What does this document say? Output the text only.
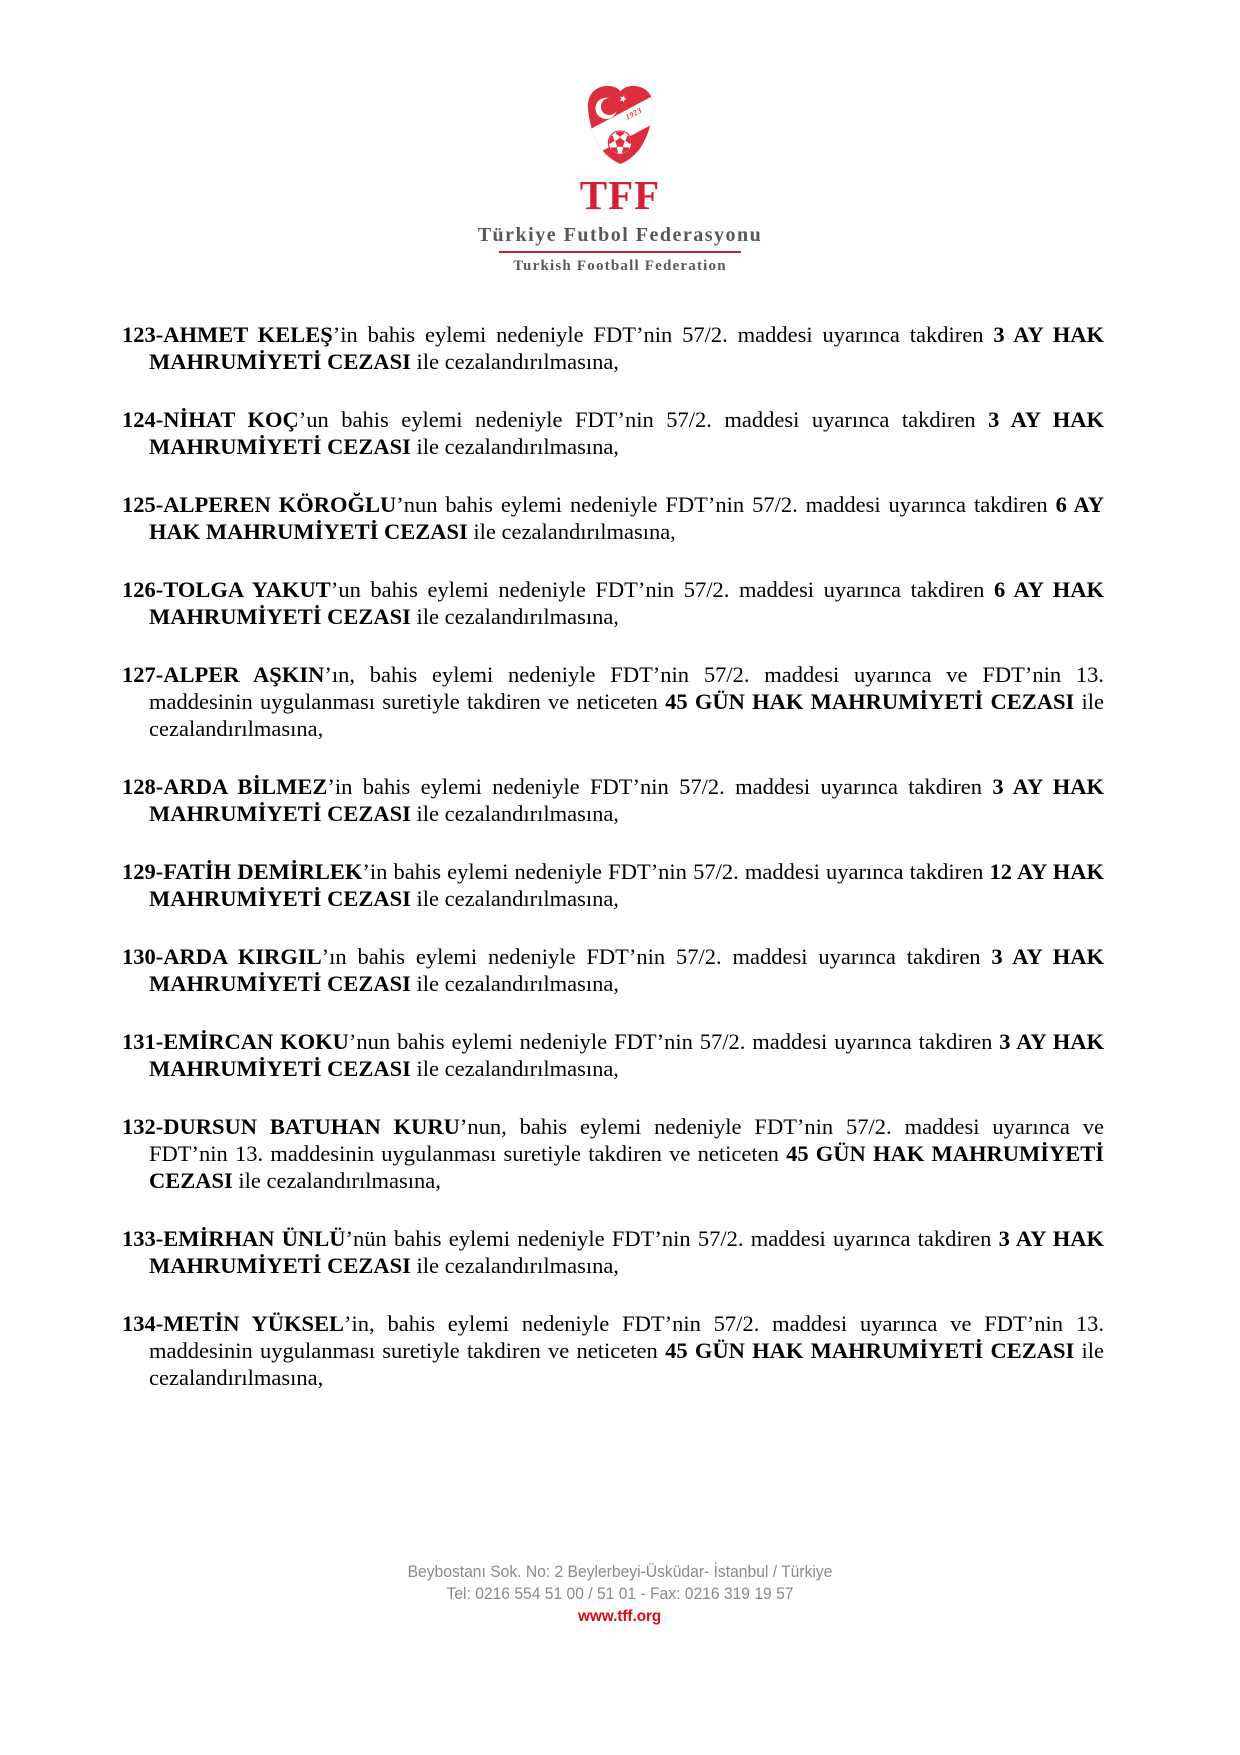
1923
TFF
Türkiye Futbol Federasyonu
Turkish Football Federation

123-AHMET KELEŞ’in bahis eylemi nedeniyle FDT’nin 57/2. maddesi uyarınca takdiren 3 AY HAK MAHRUMİYETİ CEZASI ile cezalandırılmasına,

124-NİHAT KOÇ’un bahis eylemi nedeniyle FDT’nin 57/2. maddesi uyarınca takdiren 3 AY HAK MAHRUMİYETİ CEZASI ile cezalandırılmasına,

125-ALPEREN KÖROĞLU’nun bahis eylemi nedeniyle FDT’nin 57/2. maddesi uyarınca takdiren 6 AY HAK MAHRUMİYETİ CEZASI ile cezalandırılmasına,

126-TOLGA YAKUT’un bahis eylemi nedeniyle FDT’nin 57/2. maddesi uyarınca takdiren 6 AY HAK MAHRUMİYETİ CEZASI ile cezalandırılmasına,

127-ALPER AŞKIN’ın, bahis eylemi nedeniyle FDT’nin 57/2. maddesi uyarınca ve FDT’nin 13. maddesinin uygulanması suretiyle takdiren ve neticeten 45 GÜN HAK MAHRUMİYETİ CEZASI ile cezalandırılmasına,

128-ARDA BİLMEZ’in bahis eylemi nedeniyle FDT’nin 57/2. maddesi uyarınca takdiren 3 AY HAK MAHRUMİYETİ CEZASI ile cezalandırılmasına,

129-FATİH DEMİRLEK’in bahis eylemi nedeniyle FDT’nin 57/2. maddesi uyarınca takdiren 12 AY HAK MAHRUMİYETİ CEZASI ile cezalandırılmasına,

130-ARDA KIRGIL’ın bahis eylemi nedeniyle FDT’nin 57/2. maddesi uyarınca takdiren 3 AY HAK MAHRUMİYETİ CEZASI ile cezalandırılmasına,

131-EMİRCAN KOKU’nun bahis eylemi nedeniyle FDT’nin 57/2. maddesi uyarınca takdiren 3 AY HAK MAHRUMİYETİ CEZASI ile cezalandırılmasına,

132-DURSUN BATUHAN KURU’nun, bahis eylemi nedeniyle FDT’nin 57/2. maddesi uyarınca ve FDT’nin 13. maddesinin uygulanması suretiyle takdiren ve neticeten 45 GÜN HAK MAHRUMİYETİ CEZASI ile cezalandırılmasına,

133-EMİRHAN ÜNLÜ’nün bahis eylemi nedeniyle FDT’nin 57/2. maddesi uyarınca takdiren 3 AY HAK MAHRUMİYETİ CEZASI ile cezalandırılmasına,

134-METİN YÜKSEL’in, bahis eylemi nedeniyle FDT’nin 57/2. maddesi uyarınca ve FDT’nin 13. maddesinin uygulanması suretiyle takdiren ve neticeten 45 GÜN HAK MAHRUMİYETİ CEZASI ile cezalandırılmasına,

Beybostanı Sok. No: 2 Beylerbeyi-Üsküdar- İstanbul / Türkiye
Tel: 0216 554 51 00 / 51 01 - Fax: 0216 319 19 57
www.tff.org
